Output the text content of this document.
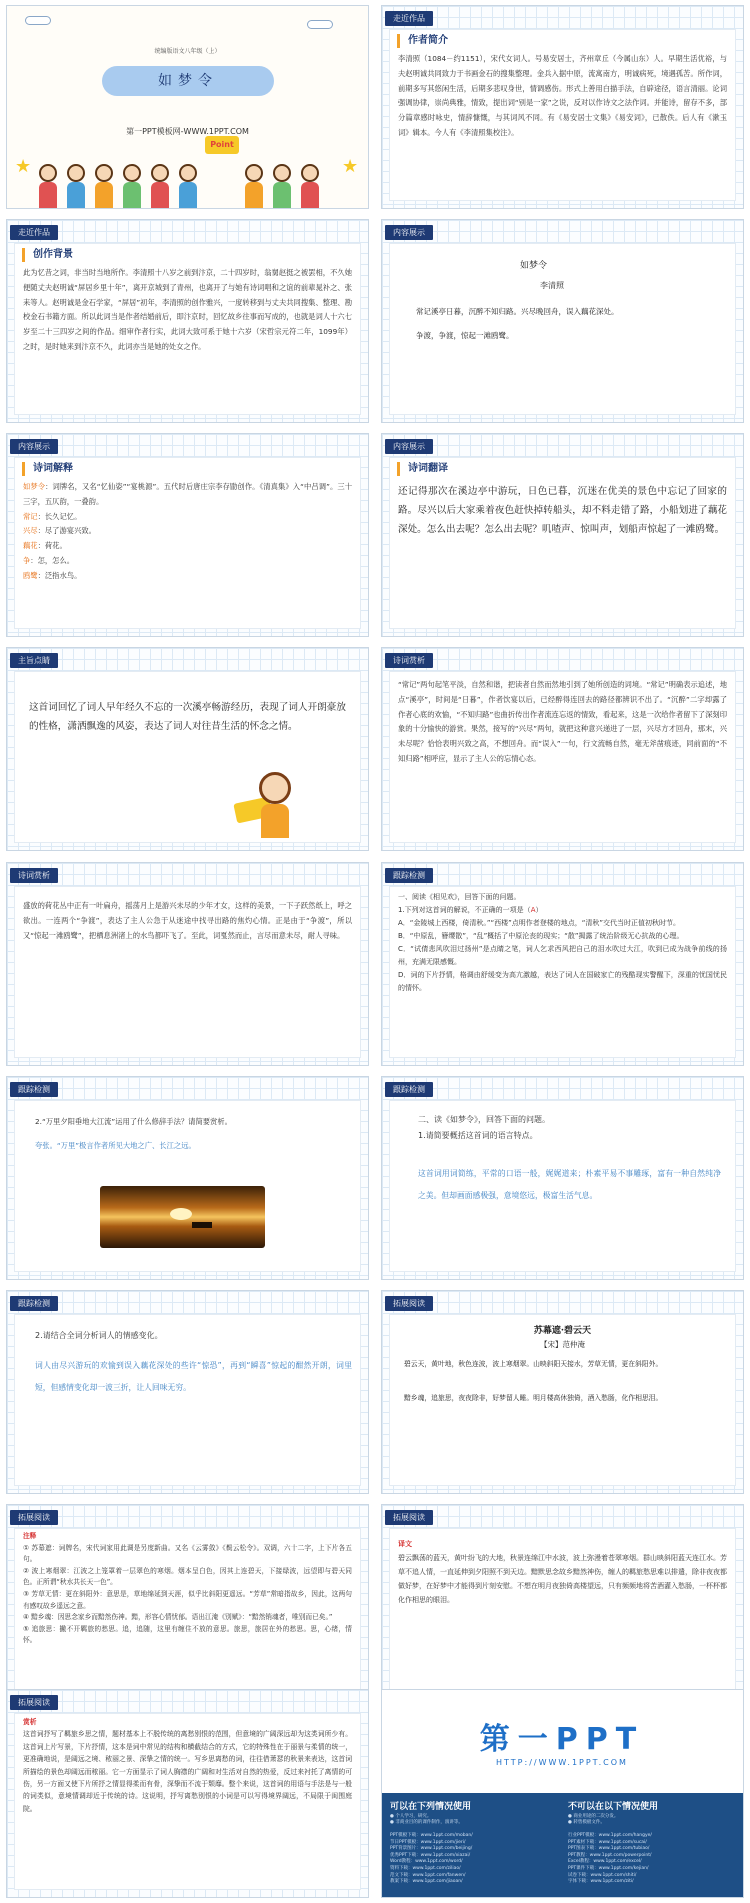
统编版语文八年级（上）
如梦令
第一PPT模板网-WWW.1PPT.COM
Point
★	★
走近作品
作者简介
李清照（1084－约1151），宋代女词人。号易安居士，齐州章丘（今属山东）人。早期生活优裕，与夫赵明诚共同致力于书画金石的搜集整理。金兵入据中原，流寓南方，明诚病死，境遇孤苦。所作词，前期多写其悠闲生活，后期多悲叹身世，情调感伤。形式上善用白描手法，自辟途径，语言清丽。论词强调协律，崇尚典雅，情致，提出词“别是一家”之说，反对以作诗文之法作词。并能诗，留存不多，部分篇章感时咏史，情辞慷慨，与其词风不同。有《易安居士文集》《易安词》，已散佚。后人有《漱玉词》辑本。今人有《李清照集校注》。
走近作品
创作背景
此为忆昔之词，非当时当地所作。李清照十八岁之前到汴京，二十四岁时，翁舅赵挺之被罢相，不久她便随丈夫赵明诚“屏居乡里十年”，离开京城到了青州，也离开了与她有诗词唱和之谊的前辈晁补之、张耒等人。赵明诚是金石学家，“屏居”初年，李清照的创作雅兴，一度转移到与丈夫共同搜集、整理、勘校金石书籍方面。所以此词当是作者结婚前后，即汴京时，回忆故乡往事而写成的，也就是词人十六七岁至二十三四岁之间的作品。细审作者行实，此词大致可系于她十六岁（宋哲宗元符二年，1099年）之时，是时她来到汴京不久，此词亦当是她的处女之作。
内容展示
如梦令
李清照
常记溪亭日暮，沉醉不知归路。兴尽晚回舟，误入藕花深处。
争渡，争渡，惊起一滩鸥鹭。
内容展示
诗词解释
如梦令：词牌名，又名“忆仙姿”“宴桃源”。五代时后唐庄宗李存勖创作。《清真集》入“中吕调”。三十三字，五仄韵，一叠韵。
常记：长久记忆。
兴尽：尽了游宴兴致。
藕花：荷花。
争：怎，怎么。
鸥鹭：泛指水鸟。
内容展示
诗词翻译
还记得那次在溪边亭中游玩，日色已暮，沉迷在优美的景色中忘记了回家的路。尽兴以后大家乘着夜色赶快掉转船头，却不料走错了路，小船划进了藕花深处。怎么出去呢？怎么出去呢？叽喳声、惊叫声，划船声惊起了一滩鸥鹭。
主旨点睛
这首词回忆了词人早年经久不忘的一次溪亭畅游经历，表现了词人开朗豪放的性格，潇洒飘逸的风姿，表达了词人对往昔生活的怀念之情。
诗词赏析
“常记”两句起笔平淡，自然和谐，把读者自然而然地引到了她所创造的词境。“常记”明确表示追述，地点“溪亭”，时间是“日暮”，作者饮宴以后，已经醉得连回去的路径都辨识不出了。“沉醉”二字却露了作者心底的欢愉，“不知归路”也曲折传出作者流连忘返的情致，看起来，这是一次给作者留下了深刻印象的十分愉快的游赏。果然，接写的“兴尽”两句，就把这种意兴递进了一层，兴尽方才回舟，那末，兴未尽呢？恰恰表明兴致之高，不想回舟。而“误入”一句，行文流畅自然，毫无斧凿痕迹，同前面的“不知归路”相呼应，显示了主人公的忘情心态。
诗词赏析
盛放的荷花丛中正有一叶扁舟，摇荡月上是游兴未尽的少年才女，这样的美景，一下子跃然纸上，呼之欲出。一连两个“争渡”，表达了主人公急于从迷途中找寻出路的焦灼心情。正是由于“争渡”，所以又“惊起一滩鸥鹭”，把栖息洲渚上的水鸟都吓飞了。至此，词戛然而止，言尽而意未尽，耐人寻味。
跟踪检测
一、阅读《相见欢》，回答下面的问题。
1.下列对这首词的解说，不正确的一项是（A）
A．“金陵城上西楼，倚清秋。”“西楼”点明作者登楼的地点，“清秋”交代当时正值初秋时节。
B．“中原乱，簪缨散”，“乱”概括了中原沦丧的现实；“散”揭露了统治阶级无心抗战的心理。
C．“试倩悲风吹泪过扬州”是点睛之笔，词人乞求西风把自己的泪水吹过大江，吹到已成为战争前线的扬州，充满无限感慨。
D．词的下片抒情，格调由舒缓变为高亢激越，表达了词人在国破家亡的残酷现实警醒下，深重的忧国忧民的情怀。
跟踪检测
2.“万里夕阳垂地大江流”运用了什么修辞手法？请简要赏析。
夸张。“万里”极言作者所见大地之广、长江之远。
跟踪检测
二、读《如梦令》，回答下面的问题。
1.请简要概括这首词的语言特点。
这首词用词简练，平常的口语一般，娓娓道来；朴素平易不事雕琢，富有一种自然纯净之美。但却画面感极强，意境悠远，极富生活气息。
跟踪检测
2.请结合全词分析词人的情感变化。
词人由尽兴游玩的欢愉到误入藕花深处的些许“惊恐”，再到“瞬喜”惊起的酣然开朗，词里短，但感情变化却一波三折，让人回味无穷。
拓展阅读
苏幕遮·碧云天
【宋】范仲淹
碧云天，黄叶地，秋色连波，波上寒烟翠。山映斜阳天接水，芳草无情，更在斜阳外。
黯乡魂，追旅思，夜夜除非，好梦留人睡。明月楼高休独倚，酒入愁肠，化作相思泪。
拓展阅读
注释
① 苏幕遮：词牌名，宋代词家用此调是另度新曲。又名《云雾敛》《鬓云松令》。双调，六十二字，上下片各五句。
② 波上寒烟翠：江波之上笼罩着一层翠色的寒烟。烟本呈白色，因其上连碧天，下接绿波，远望即与碧天同色。正所谓“秋水共长天一色”。
③ 芳草无情：更在斜阳外：意思是，草地绵延到天涯，似乎比斜阳更遥远。“芳草”常暗指故乡，因此，这两句有感叹故乡遥远之意。
④ 黯乡魂：因思念家乡而黯然伤神。黯，形容心情忧郁。语出江淹《别赋》：“黯然销魂者，唯别而已矣。”
⑤ 追旅思：撇不开羁旅的愁思。追，追随，这里有缠住不放的意思。旅思，旅居在外的愁思。思，心绪，情怀。
拓展阅读
译文
碧云飘荡的蓝天，黄叶纷飞的大地，秋景连绵江中水波，波上弥漫着苍翠寒烟。群山映斜阳蓝天连江水。芳草不追人情，一直延伸到夕阳照不到天边。黯默思念故乡黯然神伤，缠人的羁旅愁思难以排遣，除非夜夜都做好梦，在好梦中才能得到片刻安慰。不想在明月夜独倚高楼望远，只有频频地将苦酒灌入愁肠，一杯杯都化作相思的眼泪。
拓展阅读
赏析
这首词抒写了羁旅乡思之情，题材基本上不脱传统的离愁别恨的范围，但意境的广阔深远却为这类词所少有。这首词上片写景，下片抒情，这本是词中常见的结构和横截结合的方式，它的特殊性在于丽景与柔情的统一，更准确地说，是阔远之境、秾丽之景、深挚之情的统一。写乡思离愁的词，往往借萧瑟的秋景来表达，这首词所描绘的景色却阔远而秾丽。它一方面显示了词人胸襟的广阔和对生活对自然的热爱，反过来衬托了离情的可伤，另一方面又使下片所抒之情显得柔而有骨，深挚而不流于颓靡。整个来说，这首词的用语与手法是与一般的词类似，意境情调却近于传统的诗。这说明，抒写离愁别恨的小词是可以写得境界阔远，不局限于闺围庭院。
第一PPT
HTTP://WWW.1PPT.COM
可以在下列情况使用

● 个人学习，研究。

● 非商业目的的课件制作，演讲等。

不可以在以下情况使用

● 商业用途的二次分发。

● 转售模板文件。

PPT模板下载：www.1ppt.com/moban/
节日PPT模板：www.1ppt.com/jieri/
PPT背景图片：www.1ppt.com/beijing/
优秀PPT下载：www.1ppt.com/xiazai/
Word教程：www.1ppt.com/word/
资料下载：www.1ppt.com/ziliao/
范文下载：www.1ppt.com/fanwen/
教案下载：www.1ppt.com/jiaoan/
行业PPT模板：www.1ppt.com/hangye/
PPT素材下载：www.1ppt.com/sucai/
PPT图表下载：www.1ppt.com/tubiao/
PPT教程：www.1ppt.com/powerpoint/
Excel教程：www.1ppt.com/excel/
PPT课件下载：www.1ppt.com/kejian/
试卷下载：www.1ppt.com/shiti/
字体下载：www.1ppt.com/ziti/
